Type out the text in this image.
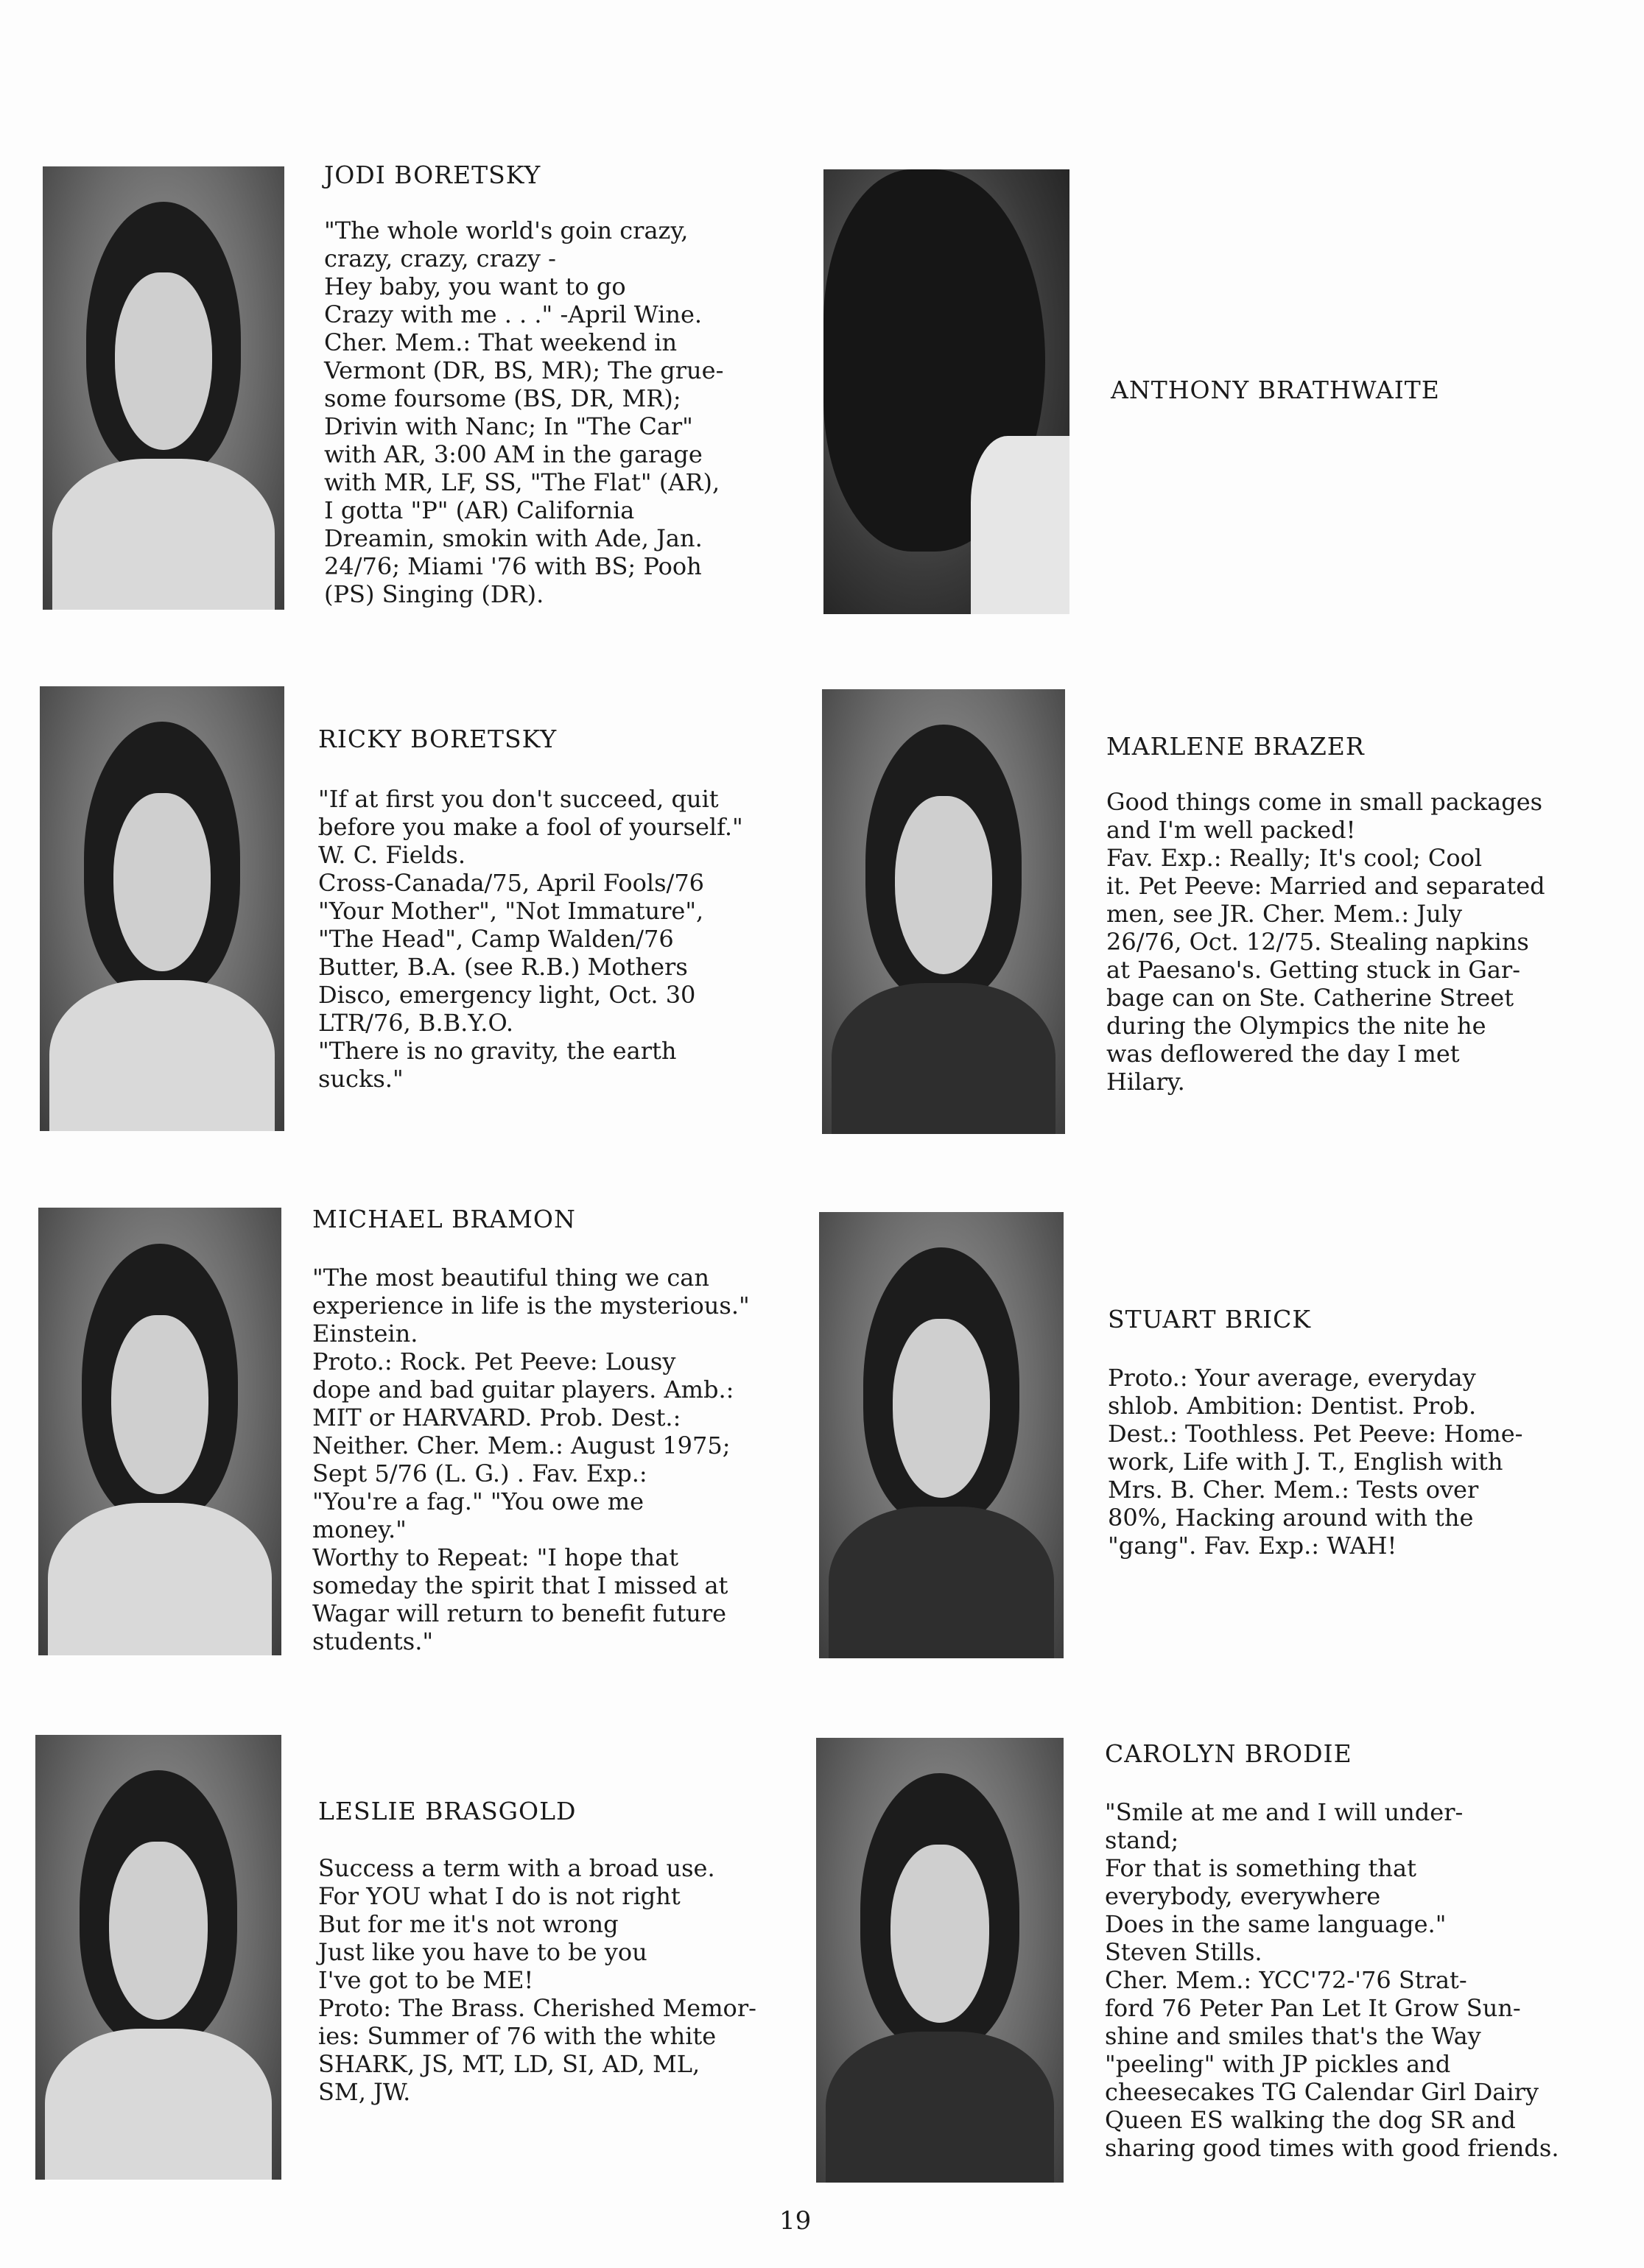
JODI BORETSKY

"The whole world's goin crazy,
crazy, crazy, crazy -
Hey baby, you want to go
Crazy with me . . ." -April Wine.
Cher. Mem.: That weekend in
Vermont (DR, BS, MR); The grue-
some foursome (BS, DR, MR);
Drivin with Nanc; In "The Car"
with AR, 3:00 AM in the garage
with MR, LF, SS, "The Flat" (AR),
I gotta "P" (AR) California
Dreamin, smokin with Ade, Jan.
24/76; Miami '76 with BS; Pooh
(PS) Singing (DR).

ANTHONY BRATHWAITE

RICKY BORETSKY

"If at first you don't succeed, quit
before you make a fool of yourself."
W. C. Fields.
Cross-Canada/75, April Fools/76
"Your Mother", "Not Immature",
"The Head", Camp Walden/76
Butter, B.A. (see R.B.) Mothers
Disco, emergency light, Oct. 30
LTR/76, B.B.Y.O.
"There is no gravity, the earth
sucks."

MARLENE BRAZER

Good things come in small packages
and I'm well packed!
Fav. Exp.: Really; It's cool; Cool
it. Pet Peeve: Married and separated
men, see JR. Cher. Mem.: July
26/76, Oct. 12/75. Stealing napkins
at Paesano's. Getting stuck in Gar-
bage can on Ste. Catherine Street
during the Olympics the nite he
was deflowered the day I met
Hilary.

MICHAEL BRAMON

"The most beautiful thing we can
experience in life is the mysterious."
Einstein.
Proto.: Rock. Pet Peeve: Lousy
dope and bad guitar players. Amb.:
MIT or HARVARD. Prob. Dest.:
Neither. Cher. Mem.: August 1975;
Sept 5/76 (L. G.) . Fav. Exp.:
"You're a fag." "You owe me
money."
Worthy to Repeat: "I hope that
someday the spirit that I missed at
Wagar will return to benefit future
students."

STUART BRICK

Proto.: Your average, everyday
shlob. Ambition: Dentist. Prob.
Dest.: Toothless. Pet Peeve: Home-
work, Life with J. T., English with
Mrs. B. Cher. Mem.: Tests over
80%, Hacking around with the
"gang". Fav. Exp.: WAH!

LESLIE BRASGOLD

Success a term with a broad use.
For YOU what I do is not right
But for me it's not wrong
Just like you have to be you
I've got to be ME!
Proto: The Brass. Cherished Memor-
ies: Summer of 76 with the white
SHARK, JS, MT, LD, SI, AD, ML,
SM, JW.

CAROLYN BRODIE

"Smile at me and I will under-
stand;
For that is something that
everybody, everywhere
Does in the same language."
Steven Stills.
Cher. Mem.: YCC'72-'76 Strat-
ford 76 Peter Pan Let It Grow Sun-
shine and smiles that's the Way
"peeling" with JP pickles and
cheesecakes TG Calendar Girl Dairy
Queen ES walking the dog SR and
sharing good times with good friends.

19
